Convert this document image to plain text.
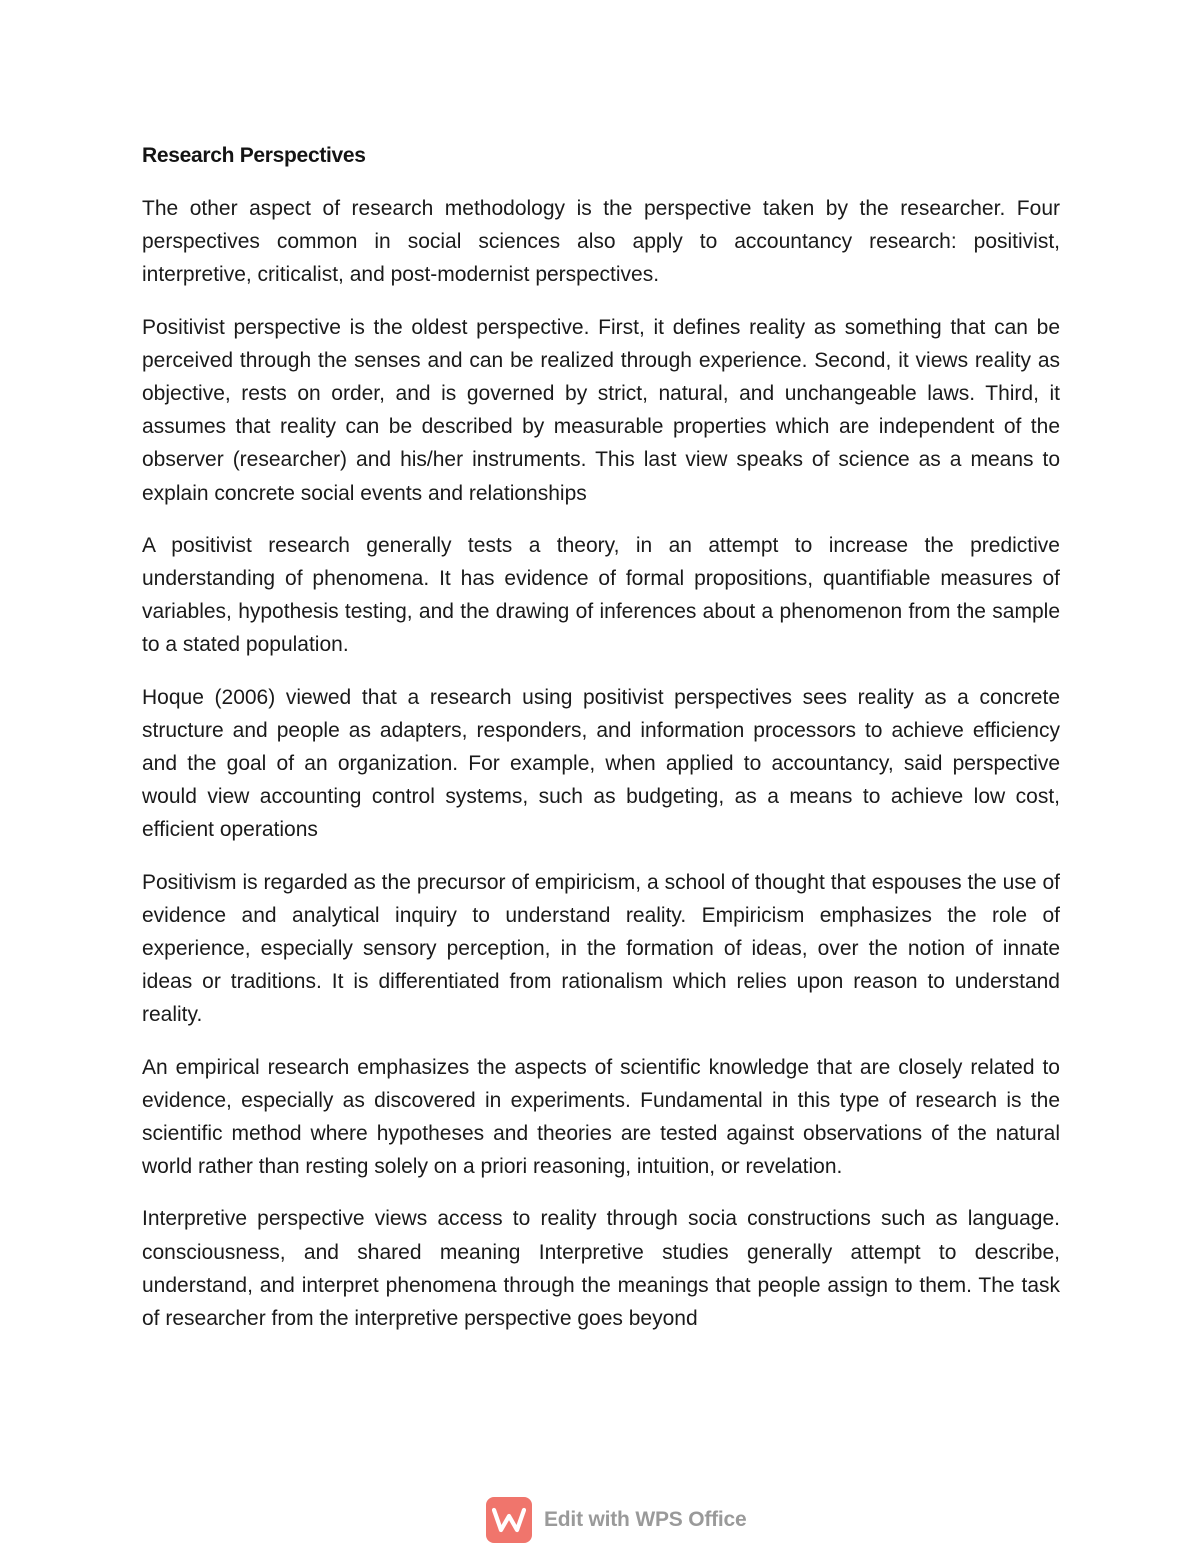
Research Perspectives

The other aspect of research methodology is the perspective taken by the researcher. Four perspectives common in social sciences also apply to accountancy research: positivist, interpretive, criticalist, and post-modernist perspectives.

Positivist perspective is the oldest perspective. First, it defines reality as something that can be perceived through the senses and can be realized through experience. Second, it views reality as objective, rests on order, and is governed by strict, natural, and unchangeable laws. Third, it assumes that reality can be described by measurable properties which are independent of the observer (researcher) and his/her instruments. This last view speaks of science as a means to explain concrete social events and relationships

A positivist research generally tests a theory, in an attempt to increase the predictive understanding of phenomena. It has evidence of formal propositions, quantifiable measures of variables, hypothesis testing, and the drawing of inferences about a phenomenon from the sample to a stated population.

Hoque (2006) viewed that a research using positivist perspectives sees reality as a concrete structure and people as adapters, responders, and information processors to achieve efficiency and the goal of an organization. For example, when applied to accountancy, said perspective would view accounting control systems, such as budgeting, as a means to achieve low cost, efficient operations

Positivism is regarded as the precursor of empiricism, a school of thought that espouses the use of evidence and analytical inquiry to understand reality. Empiricism emphasizes the role of experience, especially sensory perception, in the formation of ideas, over the notion of innate ideas or traditions. It is differentiated from rationalism which relies upon reason to understand reality.

An empirical research emphasizes the aspects of scientific knowledge that are closely related to evidence, especially as discovered in experiments. Fundamental in this type of research is the scientific method where hypotheses and theories are tested against observations of the natural world rather than resting solely on a priori reasoning, intuition, or revelation.

Interpretive perspective views access to reality through socia constructions such as language. consciousness, and shared meaning Interpretive studies generally attempt to describe, understand, and interpret phenomena through the meanings that people assign to them. The task of researcher from the interpretive perspective goes beyond

Edit with WPS Office
